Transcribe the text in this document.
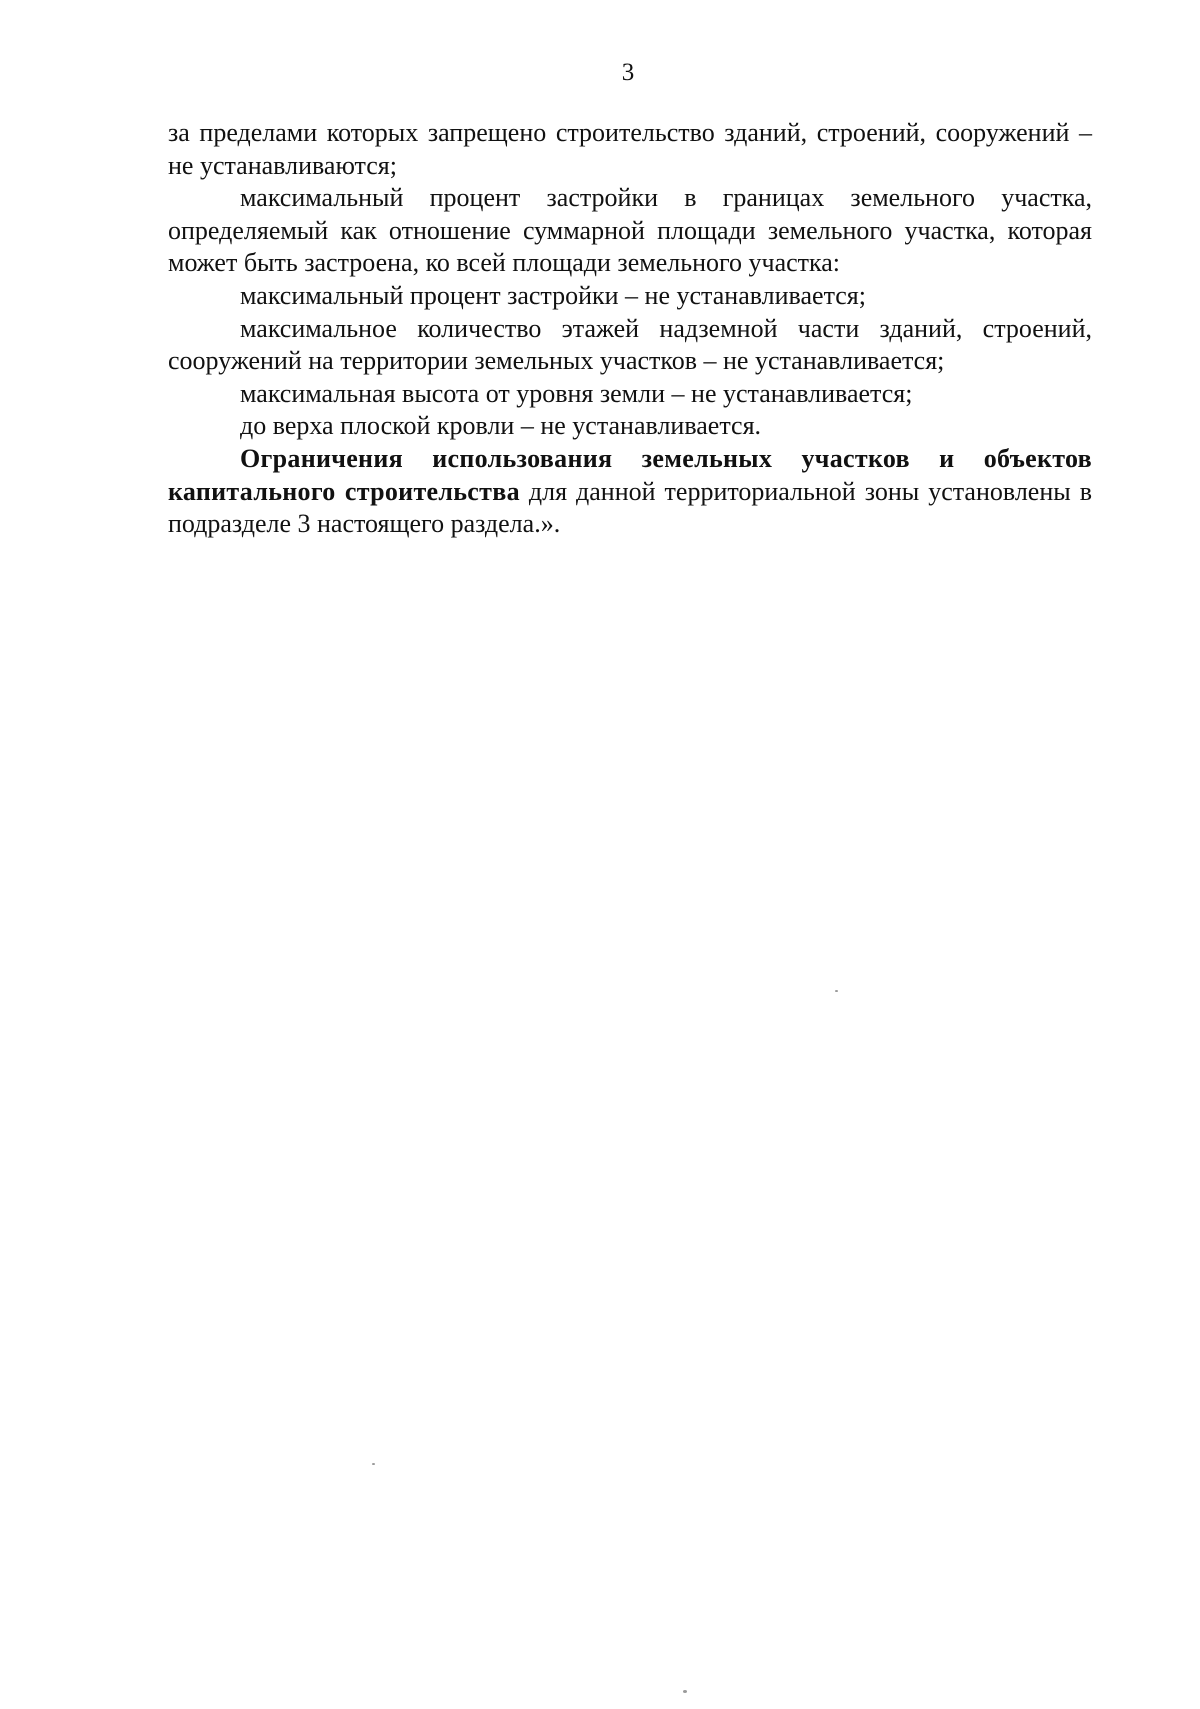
3

за пределами которых запрещено строительство зданий, строений, сооружений – не устанавливаются;

максимальный процент застройки в границах земельного участка, определяемый как отношение суммарной площади земельного участка, которая может быть застроена, ко всей площади земельного участка:

максимальный процент застройки – не устанавливается;

максимальное количество этажей надземной части зданий, строений, сооружений на территории земельных участков – не устанавливается;

максимальная высота от уровня земли – не устанавливается;

до верха плоской кровли – не устанавливается.

Ограничения использования земельных участков и объектов капитального строительства для данной территориальной зоны установлены в подразделе 3 настоящего раздела.».
